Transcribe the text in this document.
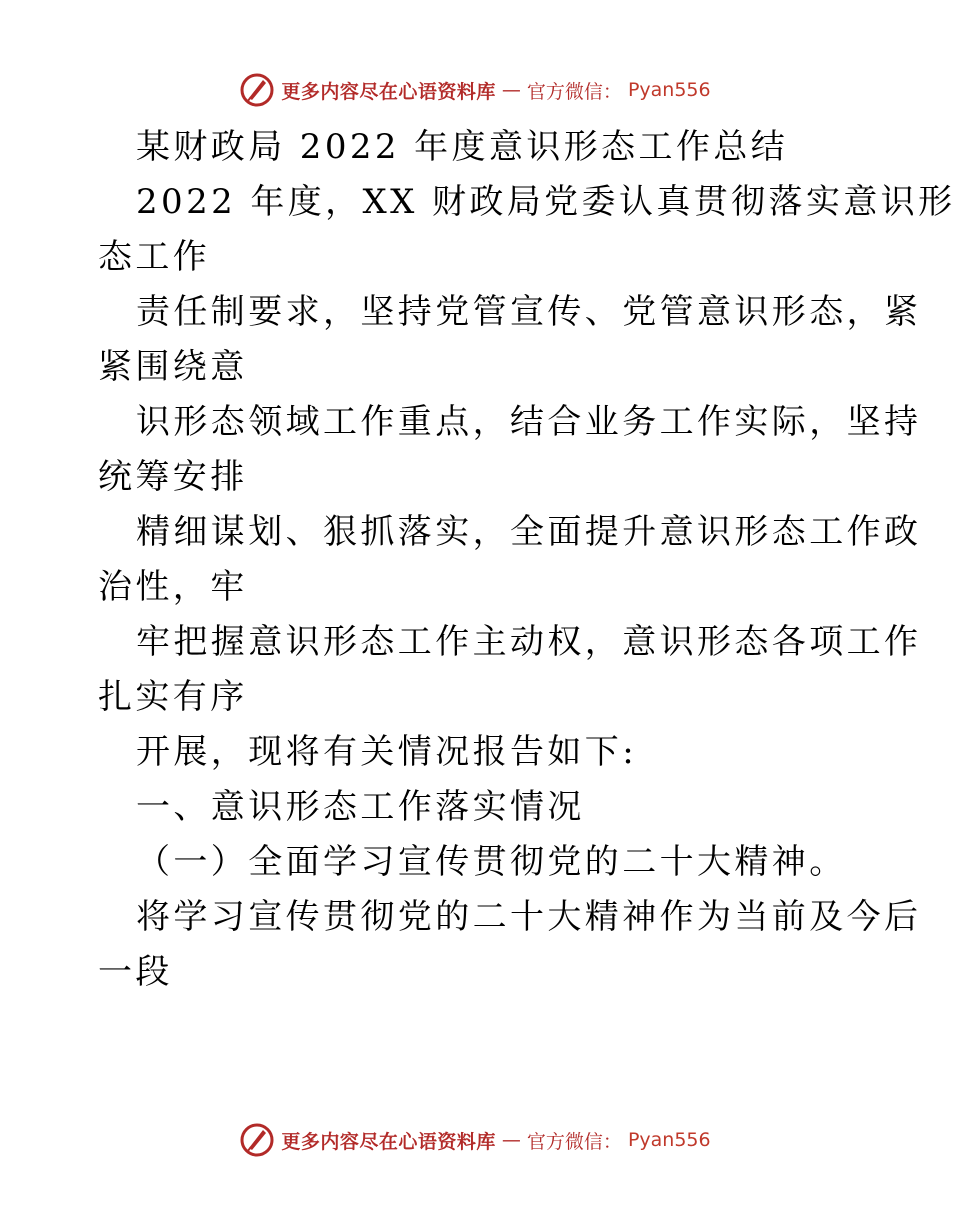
更多内容尽在心语资料库 — 官方微信： Pyan556
某财政局 2022 年度意识形态工作总结
2022 年度，XX 财政局党委认真贯彻落实意识形
态工作
责任制要求，坚持党管宣传、党管意识形态，紧
紧围绕意
识形态领域工作重点，结合业务工作实际，坚持
统筹安排
精细谋划、狠抓落实，全面提升意识形态工作政
治性，牢
牢把握意识形态工作主动权，意识形态各项工作
扎实有序
开展，现将有关情况报告如下:
一、意识形态工作落实情况
（一）全面学习宣传贯彻党的二十大精神。
将学习宣传贯彻党的二十大精神作为当前及今后
一段
更多内容尽在心语资料库 — 官方微信： Pyan556
